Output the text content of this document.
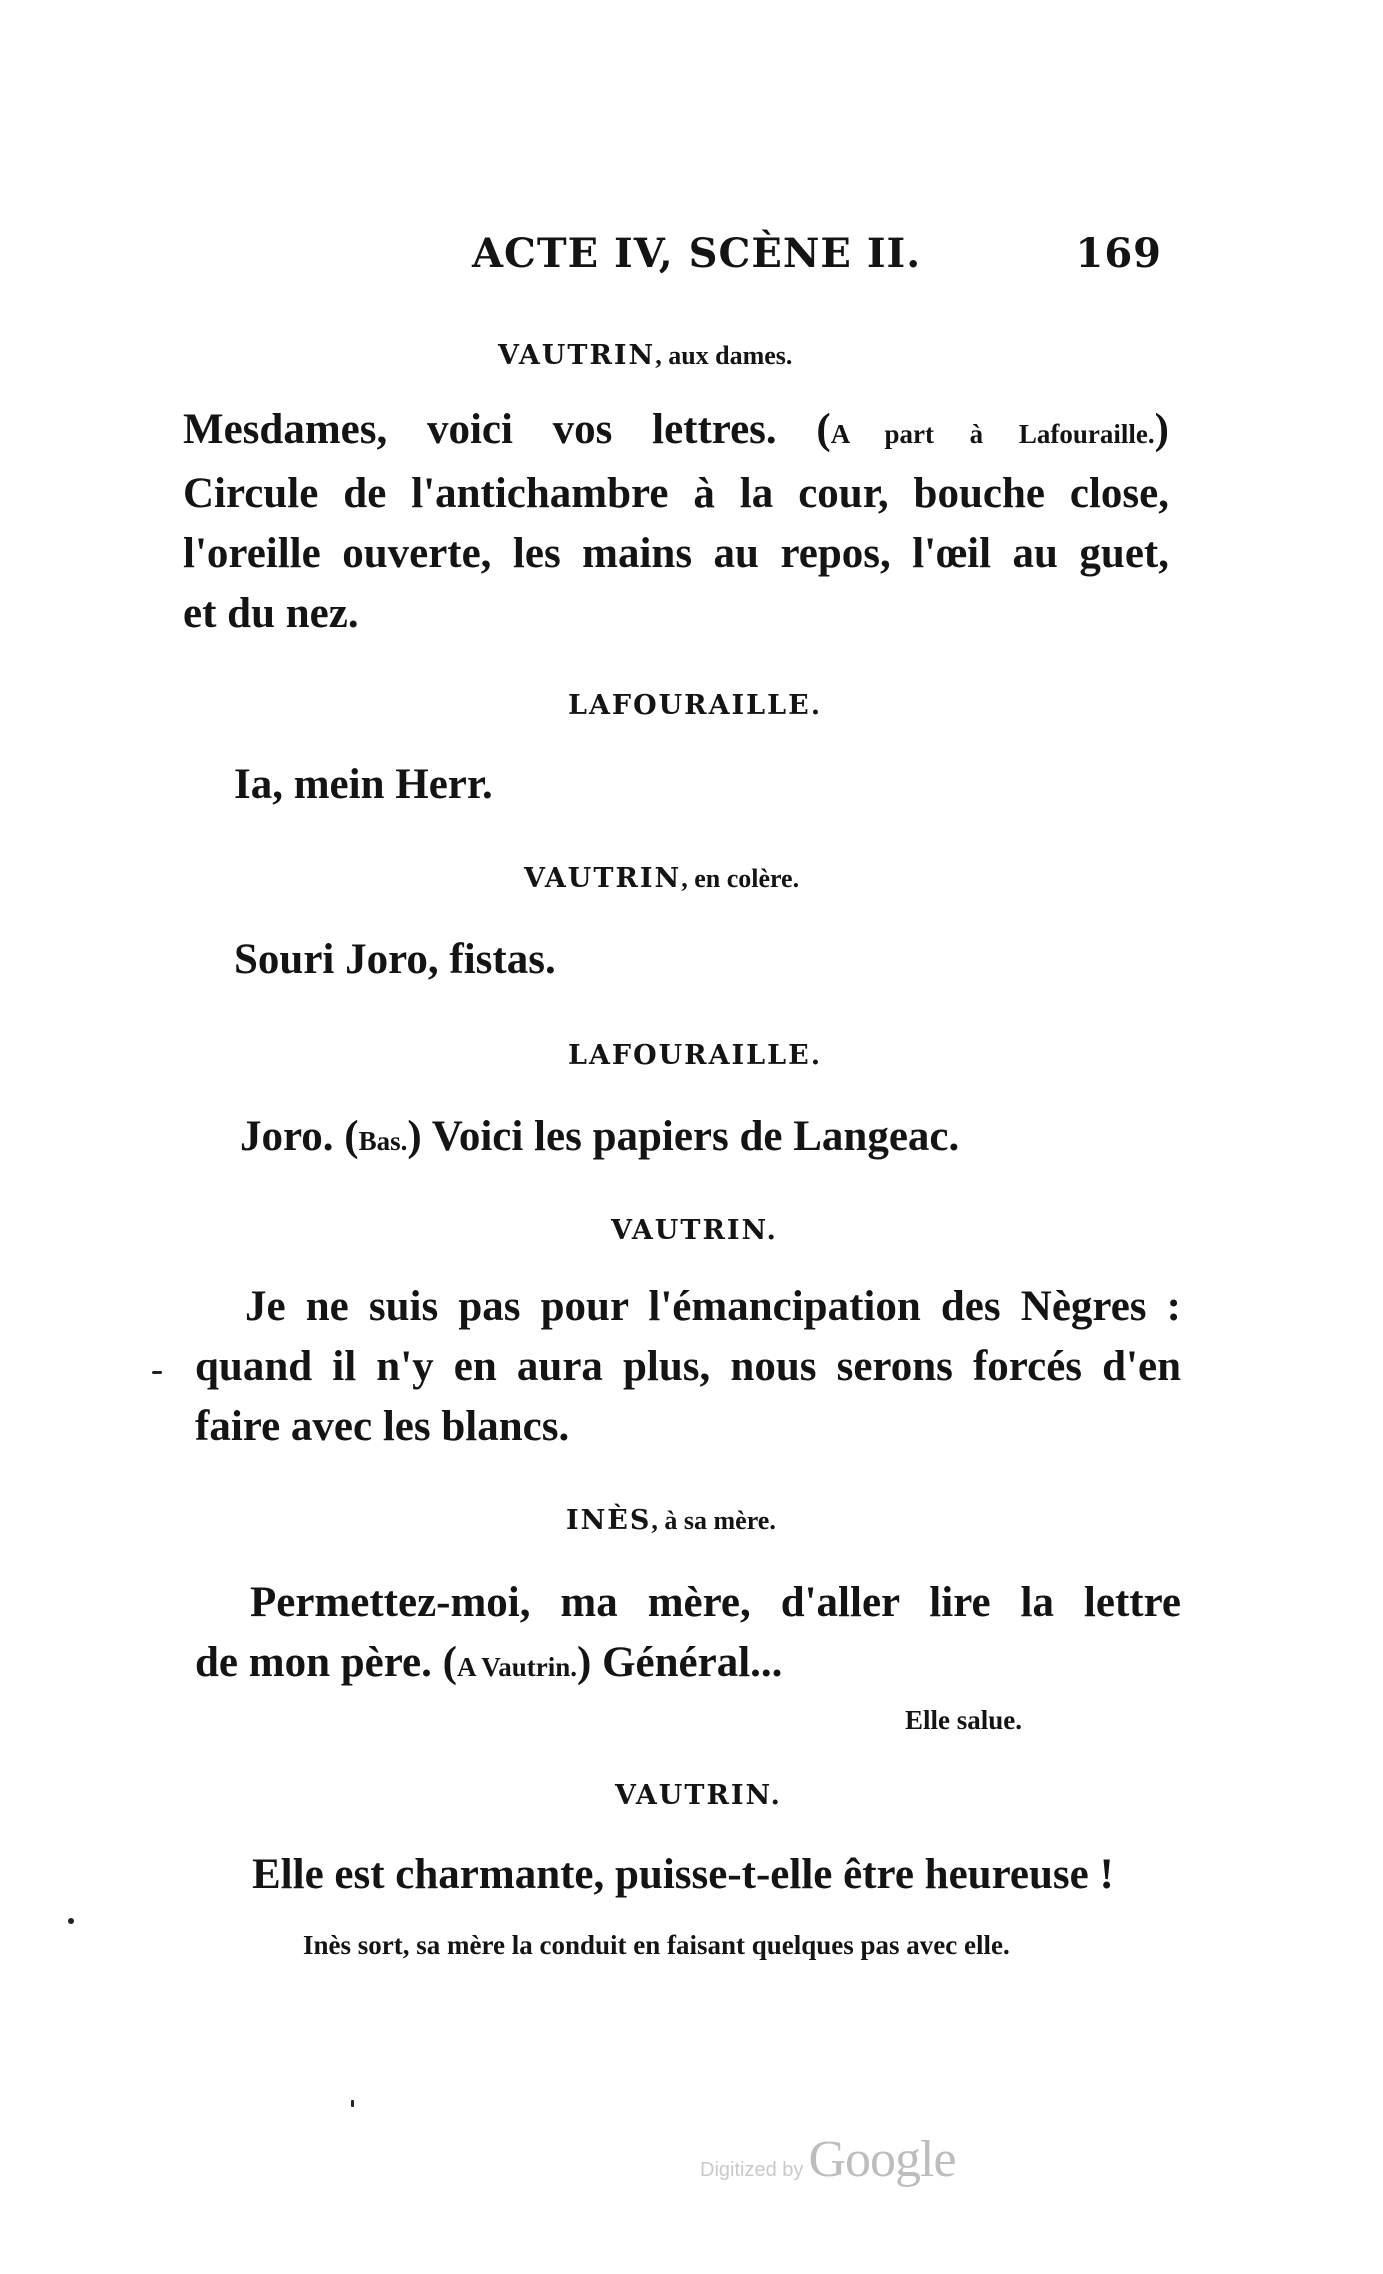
ACTE IV, SCÈNE II.	169
VAUTRIN, aux dames.
Mesdames, voici vos lettres. (A part à Lafouraille.)
Circule de l'antichambre à la cour, bouche close,
l'oreille ouverte, les mains au repos, l'œil au guet,
et du nez.
LAFOURAILLE.
Ia, mein Herr.
VAUTRIN, en colère.
Souri Joro, fistas.
LAFOURAILLE.
Joro. (Bas.) Voici les papiers de Langeac.
VAUTRIN.
Je ne suis pas pour l'émancipation des Nègres :
quand il n'y en aura plus, nous serons forcés d'en
faire avec les blancs.
INÈS, à sa mère.
Permettez-moi, ma mère, d'aller lire la lettre
de mon père. (A Vautrin.) Général...
Elle salue.
VAUTRIN.
Elle est charmante, puisse-t-elle être heureuse !
Inès sort, sa mère la conduit en faisant quelques pas avec elle.
Digitized by Google
